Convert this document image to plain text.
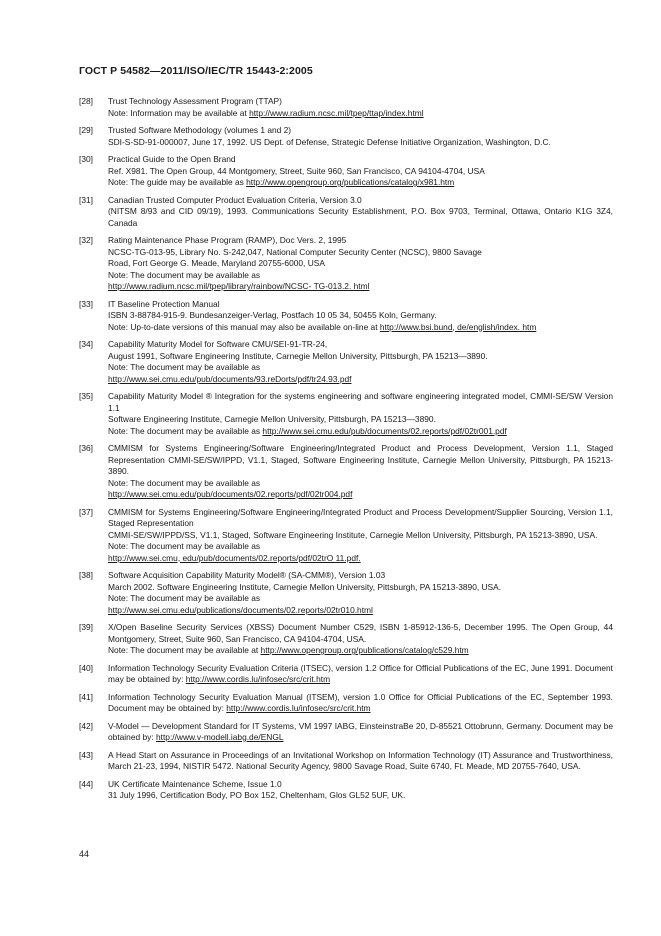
ГОСТ Р 54582—2011/ISO/IEC/TR 15443-2:2005
[28]	Trust Technology Assessment Program (TTAP)
Note: Information may be available at http://www.radium.ncsc.mil/tpep/ttap/index.html
[29]	Trusted Software Methodology (volumes 1 and 2)
SDI-S-SD-91-000007, June 17, 1992. US Dept. of Defense, Strategic Defense Initiative Organization, Washington, D.C.
[30]	Practical Guide to the Open Brand
Ref. X981. The Open Group, 44 Montgomery, Street, Suite 960, San Francisco, CA 94104-4704, USA
Note: The guide may be available as http://www.opengroup.org/publications/catalog/x981.htm
[31]	Canadian Trusted Computer Product Evaluation Criteria, Version 3.0
(NITSM 8/93 and CID 09/19), 1993. Communications Security Establishment, P.O. Box 9703, Terminal, Ottawa, Ontario K1G 3Z4, Canada
[32]	Rating Maintenance Phase Program (RAMP), Doc Vers. 2, 1995
NCSC-TG-013-95, Library No. S-242,047, National Computer Security Center (NCSC), 9800 Savage
Road, Fort George G. Meade, Maryland 20755-6000, USA
Note: The document may be available as
http://www.radium.ncsc.mil/tpep/library/rainbow/NCSC- TG-013.2. html
[33]	IT Baseline Protection Manual
ISBN 3-88784-915-9. Bundesanzeiger-Verlag, Postfach 10 05 34, 50455 Koln, Germany.
Note: Up-to-date versions of this manual may also be available on-line at http://www.bsi.bund, de/english/index. htm
[34]	Capability Maturity Model for Software CMU/SEI-91-TR-24,
August 1991, Software Engineering Institute, Carnegie Mellon University, Pittsburgh, PA 15213—3890.
Note: The document may be available as
http://www.sei.cmu.edu/pub/documents/93.reDorts/pdf/tr24.93.pdf
[35]	Capability Maturity Model ® Integration for the systems engineering and software engineering integrated model, CMMI-SE/SW Version 1.1
Software Engineering Institute, Carnegie Mellon University, Pittsburgh, PA 15213—3890.
Note: The document may be available as http://www.sei.cmu.edu/pub/documents/02.reports/pdf/02tr001.pdf
[36]	CMMISM for Systems Engineering/Software Engineering/Integrated Product and Process Development, Version 1.1, Staged Representation CMMI-SE/SW/IPPD, V1.1, Staged, Software Engineering Institute, Carnegie Mellon University, Pittsburgh, PA 15213-3890.
Note: The document may be available as
http://www.sei.cmu.edu/pub/documents/02.reports/pdf/02tr004.pdf
[37]	CMMISM for Systems Engineering/Software Engineering/Integrated Product and Process Development/Supplier Sourcing, Version 1.1, Staged Representation
CMMI-SE/SW/IPPD/SS, V1.1, Staged, Software Engineering Institute, Carnegie Mellon University, Pittsburgh, PA 15213-3890, USA.
Note: The document may be available as
http://www.sei.cmu, edu/pub/documents/02.reports/pdf/02trO 11.pdf.
[38]	Software Acquisition Capability Maturity Model® (SA-CMM®), Version 1.03
March 2002. Software Engineering Institute, Carnegie Mellon University, Pittsburgh, PA 15213-3890, USA.
Note: The document may be available as
http://www.sei.cmu.edu/publications/documents/02.reports/02tr010.html
[39]	X/Open Baseline Security Services (XBSS) Document Number C529, ISBN 1-85912-136-5, December 1995. The Open Group, 44 Montgomery, Street, Suite 960, San Francisco, CA 94104-4704, USA.
Note: The document may be available at http://www.opengroup.org/publications/catalog/c529.htm
[40]	Information Technology Security Evaluation Criteria (ITSEC), version 1.2 Office for Official Publications of the EC, June 1991. Document may be obtained by: http://www.cordis.lu/infosec/src/crit.htm
[41]	Information Technology Security Evaluation Manual (ITSEM), version 1.0 Office for Official Publications of the EC, September 1993. Document may be obtained by: http://www.cordis.lu/infosec/src/crit.htm
[42]	V-Model — Development Standard for IT Systems, VM 1997 IABG, EinsteinstraBe 20, D-85521 Ottobrunn, Germany. Document may be obtained by: http://www.v-modell.iabg.de/ENGL
[43]	A Head Start on Assurance in Proceedings of an Invitational Workshop on Information Technology (IT) Assurance and Trustworthiness, March 21-23, 1994, NISTIR 5472. National Security Agency, 9800 Savage Road, Suite 6740, Ft. Meade, MD 20755-7640, USA.
[44]	UK Certificate Maintenance Scheme, Issue 1.0
31 July 1996, Certification Body, PO Box 152, Cheltenham, Glos GL52 5UF, UK.
44
